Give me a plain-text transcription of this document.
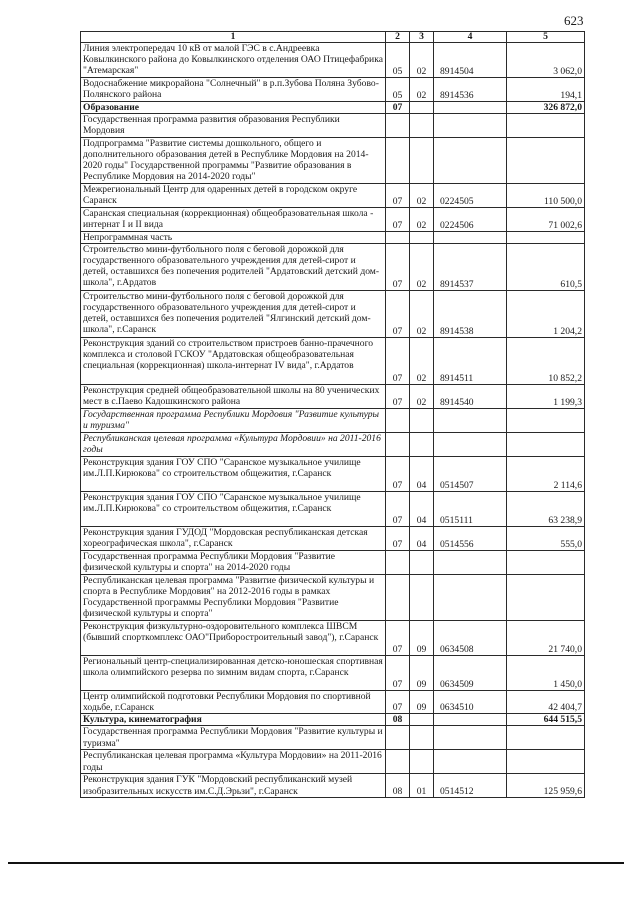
623
1	2	3	4	5
Линия электропередач 10 кВ от малой ГЭС в с.Андреевка Ковылкинского района до Ковылкинского отделения ОАО Птицефабрика "Атемарская"	05	02	8914504	3 062,0
Водоснабжение микрорайона "Солнечный" в р.п.Зубова Поляна Зубово-Полянского района	05	02	8914536	194,1
Образование	07			326 872,0
Государственная программа развития образования Республики Мордовия				
Подпрограмма "Развитие системы дошкольного, общего и дополнительного образования детей в Республике Мордовия на 2014-2020 годы" Государственной программы "Развитие образования в Республике Мордовия на 2014-2020 годы"				
Межрегиональный Центр для одаренных детей в городском округе Саранск	07	02	0224505	110 500,0
Саранская специальная (коррекционная) общеобразовательная школа - интернат I и II вида	07	02	0224506	71 002,6
Непрограммная часть				
Строительство мини-футбольного поля с беговой дорожкой для государственного образовательного учреждения для детей-сирот и детей, оставшихся без попечения родителей "Ардатовский детский дом-школа", г.Ардатов	07	02	8914537	610,5
Строительство мини-футбольного поля с беговой дорожкой для государственного образовательного учреждения для детей-сирот и детей, оставшихся без попечения родителей "Ялгинский детский дом-школа", г.Саранск	07	02	8914538	1 204,2
Реконструкция зданий со строительством пристроев банно-прачечного комплекса и столовой ГСКОУ "Ардатовская общеобразовательная специальная (коррекционная) школа-интернат IV вида", г.Ардатов	07	02	8914511	10 852,2
Реконструкция средней общеобразовательной школы на 80 ученических мест в с.Паево Кадошкинского района	07	02	8914540	1 199,3
Государственная программа Республики Мордовия "Развитие культуры и туризма"				
Республиканская целевая программа «Культура Мордовии» на 2011-2016 годы				
Реконструкция здания ГОУ СПО "Саранское музыкальное училище им.Л.П.Кирюкова" со строительством общежития, г.Саранск	07	04	0514507	2 114,6
Реконструкция здания ГОУ СПО "Саранское музыкальное училище им.Л.П.Кирюкова" со строительством общежития, г.Саранск	07	04	0515111	63 238,9
Реконструкция здания ГУДОД "Мордовская республиканская детская хореографическая школа", г.Саранск	07	04	0514556	555,0
Государственная программа Республики Мордовия "Развитие физической культуры и спорта" на 2014-2020 годы				
Республиканская целевая программа "Развитие физической культуры и спорта в Республике Мордовия" на 2012-2016 годы в рамках Государственной программы Республики Мордовия "Развитие физической культуры и спорта"				
Реконструкция физкультурно-оздоровительного комплекса ШВСМ (бывший спорткомплекс ОАО"Приборостроительный завод"), г.Саранск	07	09	0634508	21 740,0
Региональный центр-специализированная детско-юношеская спортивная школа олимпийского резерва по зимним видам спорта, г.Саранск	07	09	0634509	1 450,0
Центр олимпийской подготовки Республики Мордовия по спортивной ходьбе, г.Саранск	07	09	0634510	42 404,7
Культура, кинематография	08			644 515,5
Государственная программа Республики Мордовия "Развитие культуры и туризма"				
Республиканская целевая программа «Культура Мордовии» на 2011-2016 годы				
Реконструкция здания ГУК "Мордовский республиканский музей изобразительных искусств им.С.Д.Эрьзи", г.Саранск	08	01	0514512	125 959,6
